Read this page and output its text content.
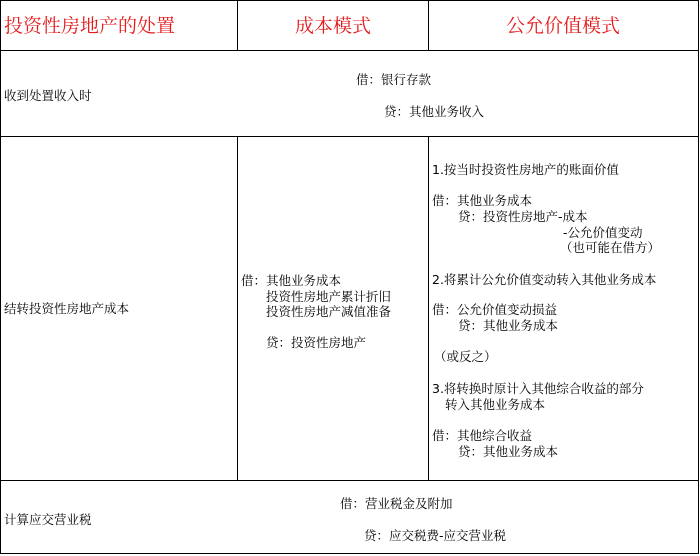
投资性房地产的处置	成本模式	公允价值模式
收到处置收入时
借：银行存款
贷：其他业务收入
结转投资性房地产成本
借：其他业务成本
投资性房地产累计折旧
投资性房地产减值准备
贷：投资性房地产
1.按当时投资性房地产的账面价值
借：其他业务成本
贷：投资性房地产-成本
-公允价值变动
（也可能在借方）
2.将累计公允价值变动转入其他业务成本
借：公允价值变动损益
贷：其他业务成本
（或反之）
3.将转换时原计入其他综合收益的部分
转入其他业务成本
借：其他综合收益
贷：其他业务成本
计算应交营业税
借：营业税金及附加
贷：应交税费-应交营业税
